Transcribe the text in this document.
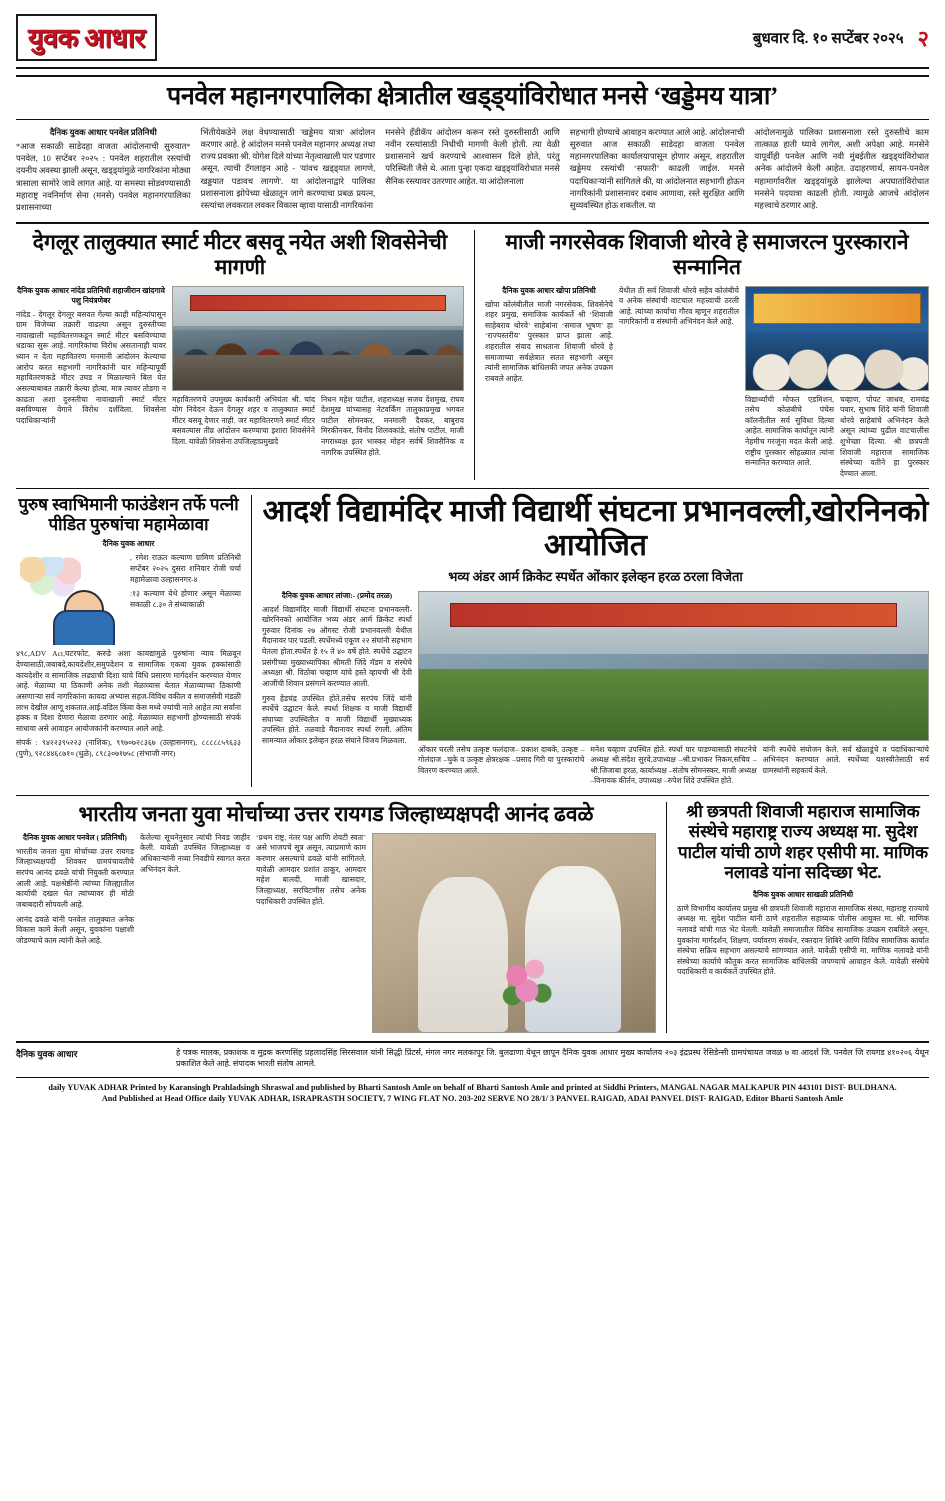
युवक आधार	बुधवार दि. १० सप्टेंबर २०२५ २
पनवेल महानगरपालिका क्षेत्रातील खड्ड्यांविरोधात मनसे ‘खड्डेमय यात्रा’
दैनिक युवक आधार पनवेल प्रतिनिधी
*आज सकाळी साडेदहा वाजता आंदोलनाची सुरुवात* पनवेल, 10 सप्टेंबर २०२५ : पनवेल शहरातील रस्त्यांची दयनीय अवस्था झाली असून, खड्ड्यांमुळे नागरिकांना मोठ्या त्रासाला सामोरे जावे लागत आहे. या समस्या सोडवण्यासाठी महाराष्ट्र नवनिर्माण सेना (मनसे) पनवेल महानगरपालिका प्रशासनाच्या
भिंतीयेकडेने लक्ष वेधण्यासाठी 'खड्डेमय यात्रा' आंदोलन करणार आहे. हे आंदोलन मनसे पनवेल महानगर अध्यक्ष तथा राज्य प्रवक्ता श्री. योगेश दिले यांच्या नेतृत्वाखाली पार पडणार असून, त्याची टॅगलाइन आहे - 'यांवच खड्ड्यात लागणे, खड्डयात पडावच लागणे'. या आंदोलनाद्वारे पालिका प्रशासनाला झोपेच्या खेळातून जागे करण्याचा प्रबळ प्रयत्न, रस्त्यांचा लवकरात लवकर विकास व्हावा यासाठी नागरिकांना
मनसेने हँडीकॅप आंदोलन करून रस्ते दुरुस्तीसाठी आणि नवीन रस्त्यांसाठी निधीची मागणी केली होती. त्या वेळी प्रशासनाने खर्च करण्याचे आश्वासन दिले होते, परंतु परिस्थिती जैसे थे. आता पुन्हा एकदा खड्ड्यांविरोधात मनसे सैनिक रस्त्यावर उतरणार आहेत. या आंदोलनाला
सहभागी होण्याचे आवाहन करण्यात आले आहे. आंदोलनाची सुरुवात आज सकाळी साडेदहा वाजता पनवेल महानगरपालिका कार्यालयापासून होणार असून, शहरातील खड्डेमय रस्त्यांची ‘सफारी’ काढली जाईल. मनसे पदाधिकाऱ्यांनी सांगितले की, या आंदोलनात सहभागी होऊन नागरिकांनी प्रशासनावर दबाव आणावा, रस्ते सुरक्षित आणि सुव्यवस्थित होऊ शकतील. या
आंदोलनामुळे पालिका प्रशासनाला रस्ते दुरुस्तीचे काम तात्काळ हाती घ्यावे लागेल, अशी अपेक्षा आहे. मनसेने यापूर्वीही पनवेल आणि नवी मुंबईतील खड्ड्यांविरोधात अनेक आंदोलने केली आहेत. उदाहरणार्थ, सायन-पनवेल महामार्गावरील खड्ड्यांमुळे झालेल्या अपघातांविरोधात मनसेने पदयात्रा काढली होती. त्यामुळे आजचे आंदोलन महत्त्वाचे ठरणार आहे.
देगलूर तालुक्यात स्मार्ट मीटर बसवू नयेत अशी शिवसेनेची मागणी
दैनिक युवक आधार नांदेड प्रतिनिधी शहाजीरान खांदगावे पशु नियंत्रणेबर
नांदेड - देगलूर देगलूर बसवत गेल्या काही महिन्यांपासून ग्राम विजेच्या तक्रारी वाढल्या असून दुरुस्तीच्या नावाखाली महावितरणकडून स्मार्ट मीटर बसविण्याचा धडाका सुरू आहे. नागरिकांचा विरोध असतानाही यावर ध्यान न देता महावितरण मनमानी आंदोलन केल्याचा आरोप करत सहभागी नागरिकांनी यार महिन्यापूर्वी महावितरणकडे मीटर उघड न मिळाल्याने बिल येत असल्याबाबत तक्रारी केल्या होत्या. मात्र त्यावर तोडगा न काढता अशा दुरुस्तीचा नावाखाली स्मार्ट मीटर बसविण्यास वेगाने विरोध दर्शविला. शिवसेना पदाधिकाऱ्यांनी
महावितरणचे उपमुख्य कार्यकारी अभियंता श्री. चांद योग निवेदन देऊन देगलूर शहर व तालुक्यात स्मार्ट मीटर बसवू देणार नाही. जर महावितरणने स्मार्ट मीटर बसवल्यास तीव्र आंदोलन करण्याचा इशारा शिवसेनेने दिला. यावेळी शिवसेना उपजिल्हाप्रमुखदे
निधन महेश पाटील, शहराध्यक्ष सजय देशमुख, राघव देशमुख यांच्यासह नेटवर्किंग तालुकाप्रमुख भगवत पाटील सोमनकर, मनमाली दैवकर, बाबुराव मिरकीनकर, विनोद शिलवकांडे, संतोष पाटील, माजी नगराध्यक्ष इतर भास्कर मोहन सर्वर्षे शिवसैनिक व नागरिक उपस्थित होते.
माजी नगरसेवक शिवाजी थोरवे हे समाजरत्न पुरस्काराने सन्मानित
दैनिक युवक आधार खोपा प्रतिनिधी
खोपा कोलंबीतील माजी नगरसेवक, शिवसेनेचे शहर प्रमुख, समाजिक कार्यकर्ते श्री ‘शिवाजी साहेबराव थोरवे’ साहेबांना ‘समाज भूषण’ हा ‘राज्यस्तरीय’ पुरस्कार प्राप्त झाला आहे. शहरातील संवाद साधताना शिवाजी थोरवे हे समाजाच्या सर्वक्षेत्रात सतत सहभागी असून त्यांनी सामाजिक बांधिलकी जपत अनेक उपक्रम राबवले आहेत.
येथील ठी सर्व शिवाजी थोरवे सहेव कोलंबीचे व अनेक संस्थांची वाटचाल महत्त्वाची ठरली आहे. त्यांच्या कार्याचा गौरव म्हणून शहरातील नागरिकांनी व संस्थांनी अभिनंदन केले आहे.
विद्यार्थ्यांची मोफत एडमिशन, तसेच कोळंबीचे पंचेस कॉलनीतील सर्व सुविधा दिल्या आहेत. सामाजिक कार्यातून त्यांनी नेहमीच गरजूंना मदत केली आहे. राष्ट्रीय पुरस्कार सोहळ्यात त्यांना सन्मानित करण्यात आले.
चव्हाण, पोपट जाधव, रामचंद्र पवार, सुभाष शिंदे यांनी शिवाजी थोरवे साहेबांचे अभिनंदन केले असून त्यांच्या पुढील वाटचालीस शुभेच्छा दिल्या. श्री छत्रपती शिवाजी महाराज सामाजिक संस्थेच्या वतीने हा पुरस्कार देण्यात आला.
पुरुष स्वाभिमानी फाउंडेशन तर्फे पत्नी पीडित पुरुषांचा महामेळावा
दैनिक युवक आधार
, रमेश राऊत कल्याण ग्रामिण प्रतिनिधी सप्टेंबर २०२५ दुसरा शनिवार रोजी चर्चा महामेळावा उल्हासनगर-४
:१३ कल्याण येथे होणार असून मेळाव्या सकाळी ८.३० ते संध्याकाळी
४९८,ADV Act,घटरफोट, करुडे अशा कायद्यामुळे पुरुषांना न्याय मिळवून देण्यासाठी,जबाबदे,कायदेशीर,समुपदेशन व सामाजिक एकवा युवक हक्कांसाठी कायदेशीर व सामाजिक लढ्याची दिशा याचे विधि प्रसारण मार्गदर्शन करण्यात येणार आहे. मेळाव्या या ठिकाणी अनेक तशी मेळाव्यास येतात मेळाव्याच्या ठिकाणी असणाऱ्या सर्व नागरिकांना कायदा अभ्यास सहज-विविध वकील व समाजसेवी मंडळी लाभ देखील आणू शकतात.आई-वडिल किंवा केस मध्ये ज्यांची नाते आहेत त्या सर्वांना हक्क व दिशा देणारा मेळावा ठरणार आहे. मेळाव्यात सहभागी होण्यासाठी संपर्क साधावा असे आवाहन आयोजकांनी करण्यात आले आहे.
संपर्क : ९४२२३९५२२३ (नाशिक), ९९७०७२८३६७ (उल्हासनगर), ८८८८८५९६३३ (पुणे), ९२८४४६८७१० (धुळे), ८९८३०७१७५८ (संभाजी नगर)
आदर्श विद्यामंदिर माजी विद्यार्थी संघटना प्रभानवल्ली,खोरनिनको आयोजित
भव्य अंडर आर्म क्रिकेट स्पर्धेत ओंकार इलेव्हन हरळ ठरला विजेता
दैनिक युवक आधार लांजा:- (प्रमोद तरळ)
आदर्श विद्यामंदिर माजी विद्यार्थी संघटना प्रभानवल्ली-खोरनिनको आयोजित भव्य अंडर आर्म क्रिकेट स्पर्धा गुरुवार दिनांक २७ ऑगस्ट रोजी प्रभानवल्ली येथील मैदानावर पार पडली. स्पर्धेमध्ये एकूण २२ संघांनी सहभाग घेतला होता.स्पर्धेत हे १५ ते ४० वर्षे होते. स्पर्धेचे उद्घाटन प्रसंगीच्या मुख्याध्यापिका श्रीमती जिंदे मॅडम व संस्थेचे अध्यक्षा श्री. विठोबा चव्हाण यांचे हस्ते व्हायची श्री देवी आजींची शिवान प्रसंगाने करण्यात आली.
गुरुव हेडचंद्र उपस्थित होते.तसेच सरपंच जिंदे यांनी स्पर्धेचे उद्घाटन केले. स्पर्धा शिक्षक व माजी विद्यार्थी संघाच्या उपस्थितीत व माजी विद्यार्थी मुख्याध्यक उपस्थित होते. तळवाडे मैदानावर स्पर्धा रंगली. अंतिम सामन्यात ओंकार इलेव्हन हरळ संघाने विजय मिळवला.
ओंकार घरली तसेच उत्कृष्ट फलंदाज– प्रकाश दाबके, उत्कृष्ट –गोलंदाज –चुके व उत्कृष्ट क्षेत्ररक्षक –प्रसाद गिरी या पुरस्कारांचे वितरण करण्यात आले.
मनेश चव्हाण उपस्थित होते. स्पर्धा पार पाडण्यासाठी संघटनेचे अध्यक्ष श्री.संदेश सुरवे,उपाध्यक्ष –श्री.प्रभाकर निकम,सचिव –श्री.जिजाबा हरळ, कार्याध्यक्ष –संतोष सोमनस्कर, माजी अध्यक्ष –विनायक कीर्तन, उपाध्यक्ष –रुपेश शिंदे उपस्थित होते.
यांनी स्पर्धेचे संयोजन केले. सर्व खेळाडूंचे व पदाधिकाऱ्यांचे अभिनंदन करण्यात आले. स्पर्धेच्या यशस्वीतेसाठी सर्व ग्रामस्थांनी सहकार्य केले.
भारतीय जनता युवा मोर्चाच्या उत्तर रायगड जिल्हाध्यक्षपदी आनंद ढवळे
दैनिक युवक आधार पनवेल ( प्रतिनिधी)
भारतीय जनता युवा मोर्चाच्या उत्तर रायगड जिल्हाध्यक्षपदी शिवकर ग्रामपंचायतीचे सरपंच आनंद ढवळे यांची नियुक्ती करण्यात आली आहे. पक्षश्रेष्ठींनी त्यांच्या जिल्ह्यातील कार्याची दखल घेत त्यांच्यावर ही मोठी जबाबदारी सोपवली आहे.
आनंद ढवळे यांनी पनवेल तालुक्यात अनेक विकास कामे केली असून, युवकांना पक्षाशी जोडण्याचे काम त्यांनी केले आहे.
केलेल्या सूचनेनुसार त्यांची निवड जाहीर केली. यावेळी उपस्थित जिल्हाध्यक्ष व अधिकाऱ्यांनी नव्या निवडीचे स्वागत करत अभिनंदन केले.
‘प्रथम राष्ट्र, नंतर पक्ष आणि शेवटी स्वतः’ असे भाजपचे सूत्र असून, त्याप्रमाणे काम करणार असल्याचे ढवळे यांनी सांगितले. यावेळी आमदार प्रशांत ठाकूर, आमदार महेश बालदी, माजी खासदार, जिल्हाध्यक्ष, सरचिटणीस तसेच अनेक पदाधिकारी उपस्थित होते.
श्री छत्रपती शिवाजी महाराज सामाजिक संस्थेचे महाराष्ट्र राज्य अध्यक्ष मा. सुदेश पाटील यांची ठाणे शहर एसीपी मा. माणिक नलावडे यांना सदिच्छा भेट.
दैनिक युवक आधार साखळी प्रतिनिधी
ठाणे विभागीय कार्यालय प्रमुख श्री छत्रपती शिवाजी महाराज सामाजिक संस्था, महाराष्ट्र राज्याचे अध्यक्ष मा. सुदेश पाटील यांनी ठाणे शहरातील सहाय्यक पोलीस आयुक्त मा. श्री. माणिक नलावडे यांची गाठ भेट घेतली. यावेळी समाजातील विविध सामाजिक उपक्रम राबविले असून, युवकांना मार्गदर्शन, शिक्षण, पर्यावरण संवर्धन, रक्तदान शिबिरे आणि विविध सामाजिक कार्यात संस्थेचा सक्रिय सहभाग असल्याचे सांगण्यात आले. यावेळी एसीपी मा. माणिक नलावडे यांनी संस्थेच्या कार्याचे कौतुक करत सामाजिक बांधिलकी जपण्याचे आवाहन केले. यावेळी संस्थेचे पदाधिकारी व कार्यकर्ते उपस्थित होते.
दैनिक युवक आधार	हे पत्रक मालक, प्रकाशक व मुद्रक करणसिंह प्रहलादसिंह सिरसवाल यांनी सिद्धी प्रिंटर्स, मंगल नगर मलकापूर जि. बुलढाणा येथून छापून दैनिक युवक आधार मुख्य कार्यालय २०३ इंद्रप्रस्थ रेसिडेन्सी ग्रामपंचायत जवळ ७ वा आदर्श जि. पनवेल जि रायगड ४१०२०६ येथून प्रकाशित केले आहे. संपादक भारती संतोष आमले.
daily YUVAK ADHAR Printed by Karansingh Prahladsingh Shraswal and published by Bharti Santosh Amle on behalf of Bharti Santosh Amle and printed at Siddhi Printers, MANGAL NAGAR MALKAPUR PIN 443101 DIST- BULDHANA. And Published at Head Office daily YUVAK ADHAR, ISRAPRASTH SOCIETY, 7 WING FLAT NO. 203-202 SERVE NO 28/1/ 3 PANVEL RAIGAD, ADAI PANVEL DIST- RAIGAD, Editor Bharti Santosh Amle
